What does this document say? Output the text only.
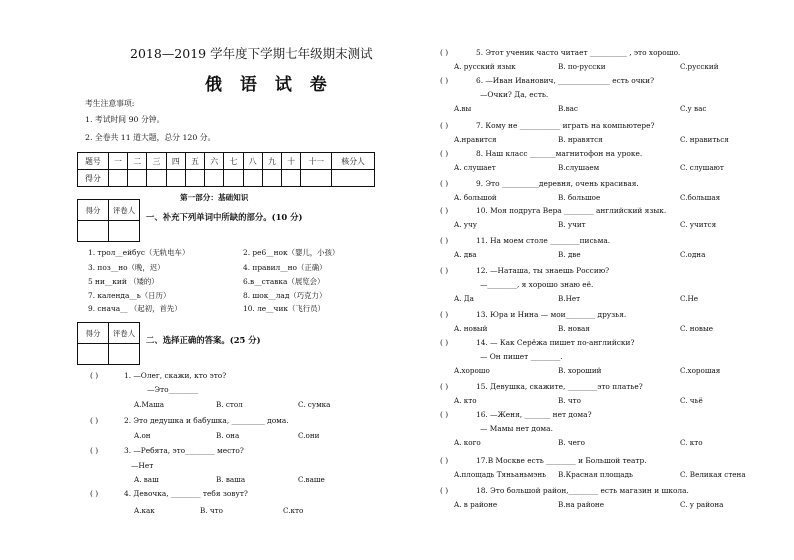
2018—2019 学年度下学期七年级期末测试
俄 语 试 卷
考生注意事项:
1. 考试时间 90 分钟。
2. 全卷共 11 道大题，总分 120 分。
题号	一	二	三	四	五	六	七	八	九	十	十一	核分人
得分												
第一部分：基础知识
得分	评卷人

一、补充下列单词中所缺的部分。(10 分)
1. трол__ейбус（无轨电车）	2. ре6__нок（婴儿，小孩）
3. поз__но（晚，迟）	4. правил__но（正确）
5 ни__кий （矮的）	6.в__ставка（展览会）
7. календа__ь（日历）	8. шок__лад（巧克力）
9. снача__ （起初，首先）	10. ле__чик（飞行员）
得分	评卷人

二、选择正确的答案。(25 分)
( )	1. —Олег, скажи, кто это?
—Это________
A.Маша	B. стол	C. сумка
( )	2. Это дедушка и бабушка, _________ дома.
A.он	B. она	C.они
( )	3. —Ребята, это________ место?
—Нет
A. ваш	B. ваша	C.ваше
( )	4. Девочка, ________ тебя зовут?
A.как	B. что	C.кто
( )	5. Этот ученик часто читает __________ , это хорошо.
A. русский язык	B. по-русски	C.русский
( )	6. —Иван Иванович, ______________ есть очки?
—Очки? Да, есть.
A.вы	B.вас	C.у вас
( )	7. Кому не ___________ играть на компьютере?
A.нравится	B. нравятся	C. нравиться
( )	8. Наш класс _______магнитофон на уроке.
A. слушает	B.слушаем	C. слушают
( )	9. Это __________деревня, очень красивая.
A. большой	B. большое	C.большая
( )	10. Моя подруга Вера ________ английский язык.
A. учу	B. учит	C. учится
( )	11. На моем столе ________письма.
A. два	B. две	C.одна
( )	12. —Наташа, ты знаешь Россию?
—________, я хорошо знаю её.
A. Да	B.Нет	C.Не
( )	13. Юра и Нина — мои________ друзья.
A. новый	B. новая	C. новые
( )	14. — Как Серёжа пишет по-английски?
— Он пишет ________.
A.хорошо	B. хороший	C.хорошая
( )	15. Девушка, скажите, ________это платье?
A. кто	B. что	C. чьё
( )	16. —Женя, _______ нет дома?
— Мамы нет дома.
A. кого	B. чего	C. кто
( )	17.В Москве есть ________ и Большой театр.
A.площадь Тяньаньмэнь B.Красная площадь	C. Великая стена
( )	18. Это большой район,________ есть магазин и школа.
A. в районе	B.на районе	C. у района
